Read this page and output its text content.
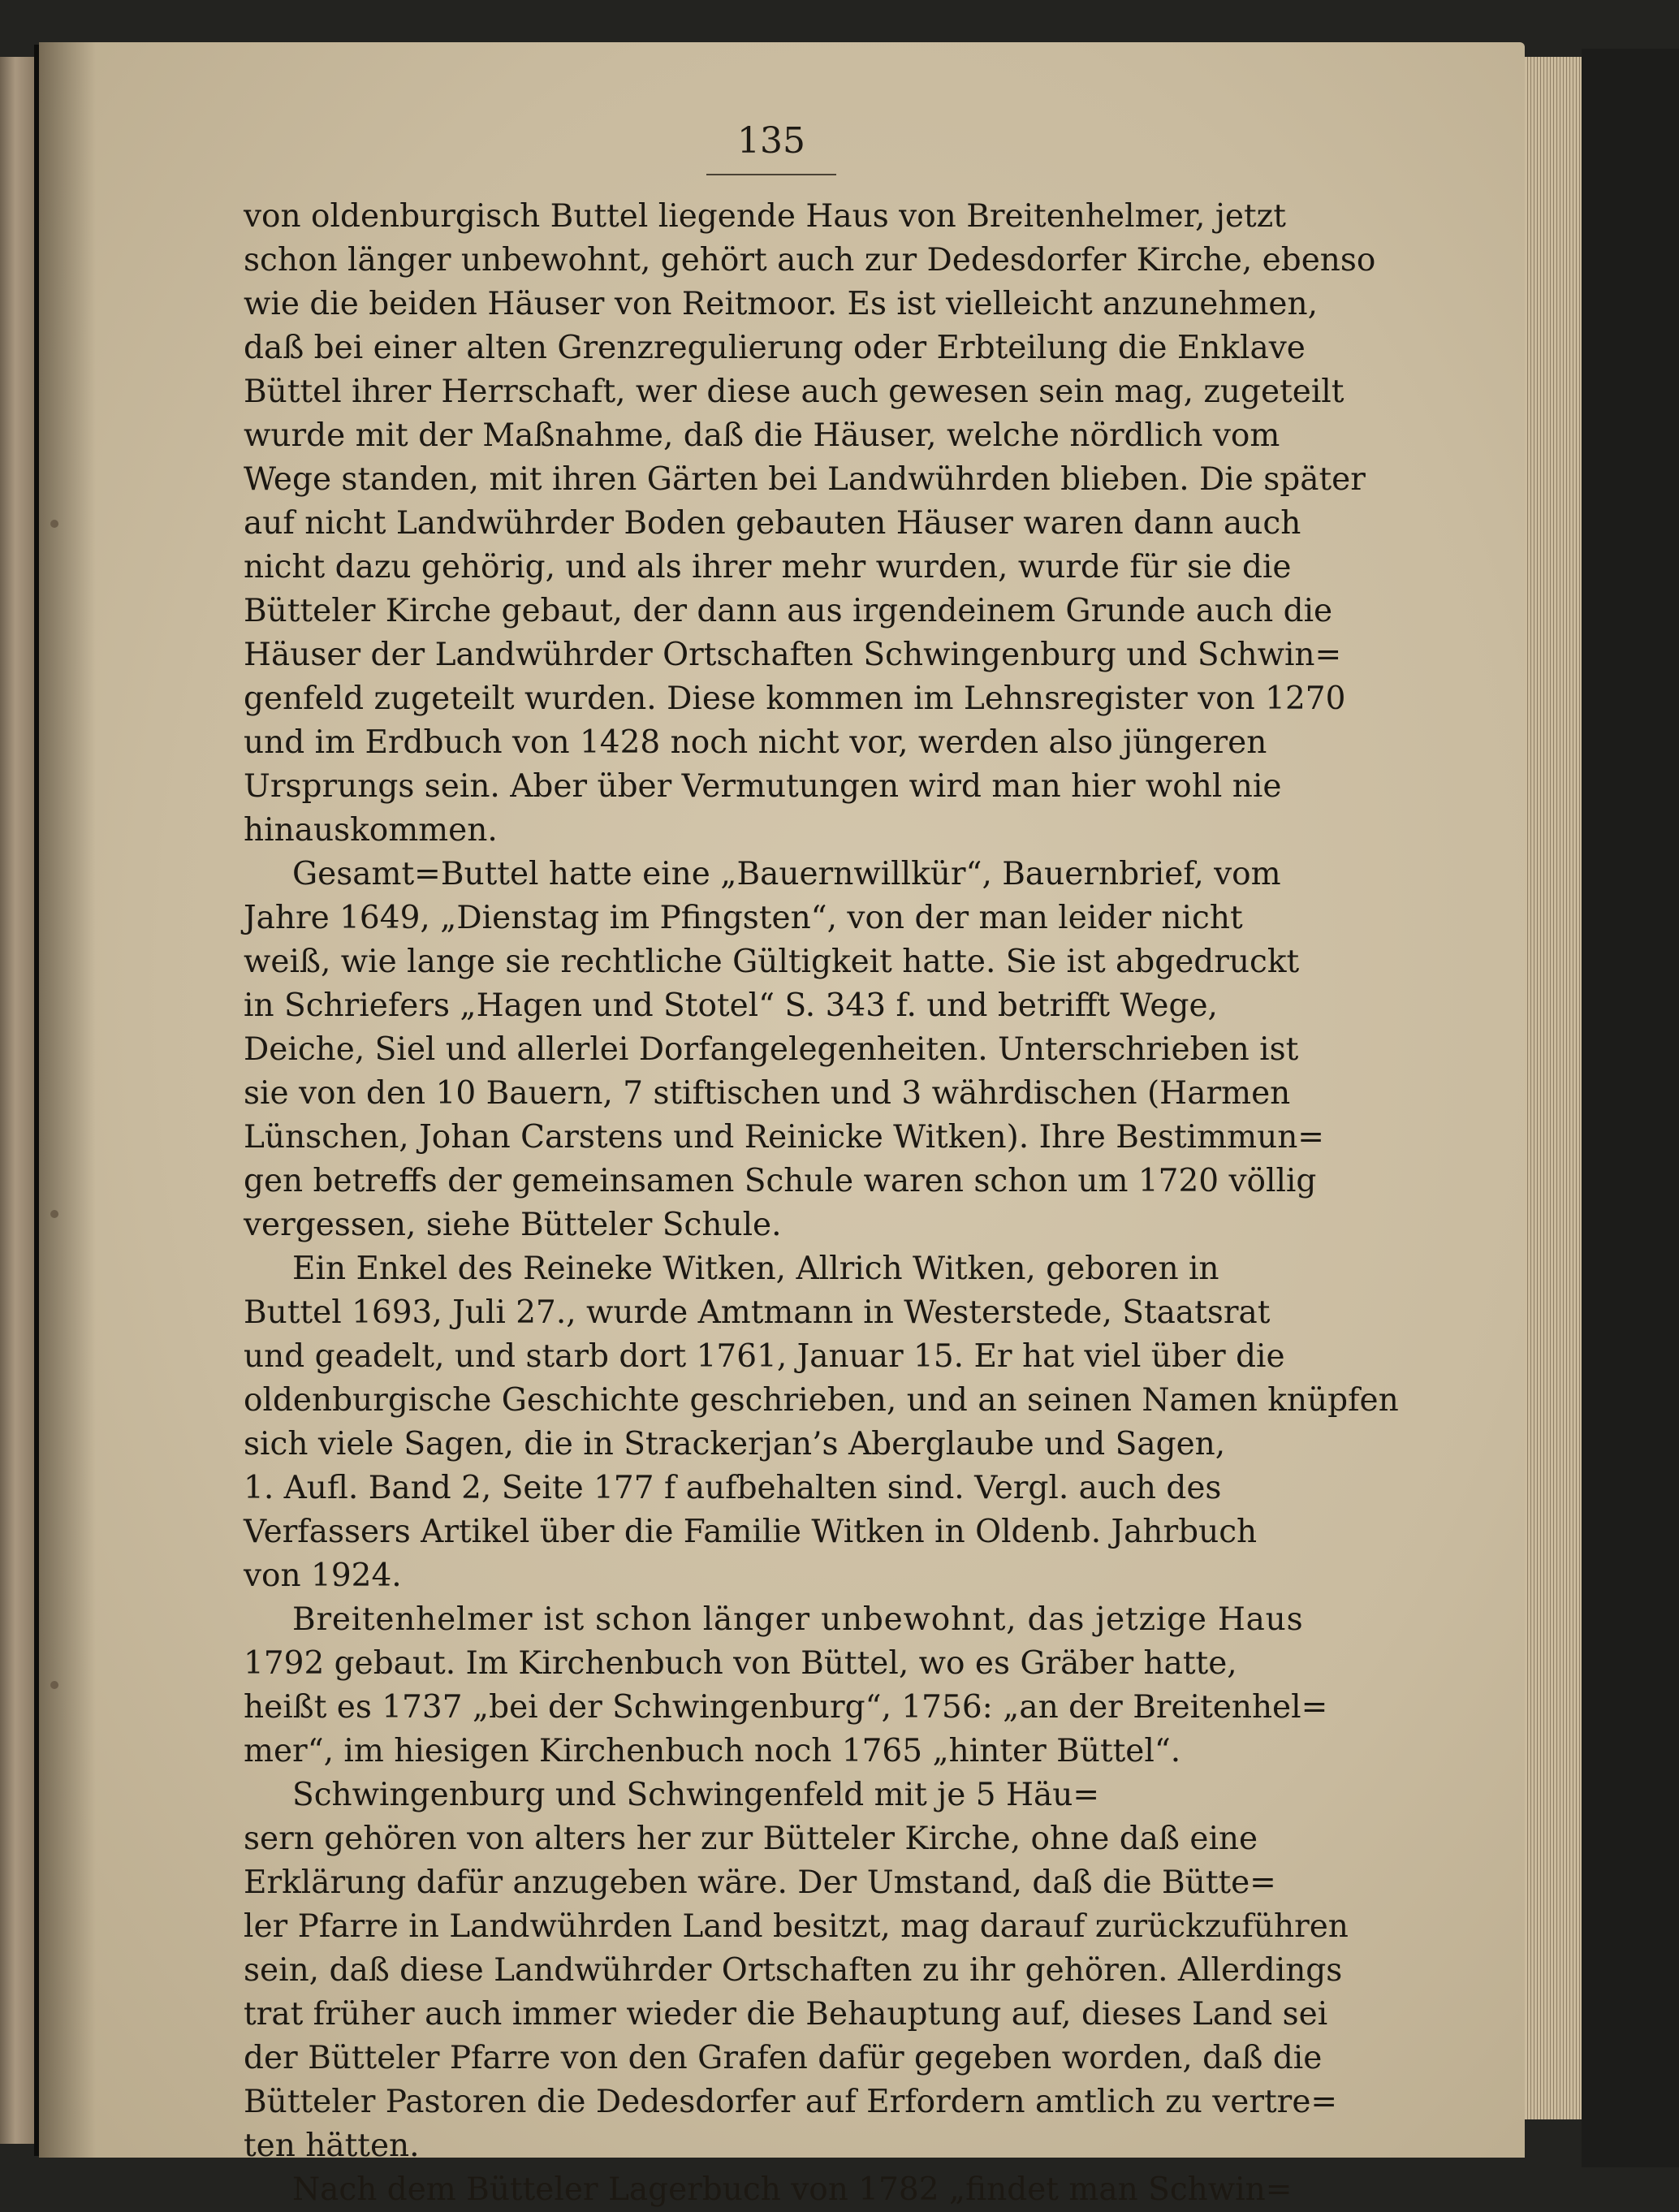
135
von oldenburgisch Buttel liegende Haus von Breitenhelmer, jetzt
schon länger unbewohnt, gehört auch zur Dedesdorfer Kirche, ebenso
wie die beiden Häuser von Reitmoor. Es ist vielleicht anzunehmen,
daß bei einer alten Grenzregulierung oder Erbteilung die Enklave
Büttel ihrer Herrschaft, wer diese auch gewesen sein mag, zugeteilt
wurde mit der Maßnahme, daß die Häuser, welche nördlich vom
Wege standen, mit ihren Gärten bei Landwührden blieben. Die später
auf nicht Landwührder Boden gebauten Häuser waren dann auch
nicht dazu gehörig, und als ihrer mehr wurden, wurde für sie die
Bütteler Kirche gebaut, der dann aus irgendeinem Grunde auch die
Häuser der Landwührder Ortschaften Schwingenburg und Schwin=
genfeld zugeteilt wurden. Diese kommen im Lehnsregister von 1270
und im Erdbuch von 1428 noch nicht vor, werden also jüngeren
Ursprungs sein. Aber über Vermutungen wird man hier wohl nie
hinauskommen.
Gesamt=Buttel hatte eine „Bauernwillkür“, Bauernbrief, vom
Jahre 1649, „Dienstag im Pfingsten“, von der man leider nicht
weiß, wie lange sie rechtliche Gültigkeit hatte. Sie ist abgedruckt
in Schriefers „Hagen und Stotel“ S. 343 f. und betrifft Wege,
Deiche, Siel und allerlei Dorfangelegenheiten. Unterschrieben ist
sie von den 10 Bauern, 7 stiftischen und 3 währdischen (Harmen
Lünschen, Johan Carstens und Reinicke Witken). Ihre Bestimmun=
gen betreffs der gemeinsamen Schule waren schon um 1720 völlig
vergessen, siehe Bütteler Schule.
Ein Enkel des Reineke Witken, Allrich Witken, geboren in
Buttel 1693, Juli 27., wurde Amtmann in Westerstede, Staatsrat
und geadelt, und starb dort 1761, Januar 15. Er hat viel über die
oldenburgische Geschichte geschrieben, und an seinen Namen knüpfen
sich viele Sagen, die in Strackerjan’s Aberglaube und Sagen,
1. Aufl. Band 2, Seite 177 f aufbehalten sind. Vergl. auch des
Verfassers Artikel über die Familie Witken in Oldenb. Jahrbuch
von 1924.
Breitenhelmer ist schon länger unbewohnt, das jetzige Haus
1792 gebaut. Im Kirchenbuch von Büttel, wo es Gräber hatte,
heißt es 1737 „bei der Schwingenburg“, 1756: „an der Breitenhel=
mer“, im hiesigen Kirchenbuch noch 1765 „hinter Büttel“.
Schwingenburg und Schwingenfeld mit je 5 Häu=
sern gehören von alters her zur Bütteler Kirche, ohne daß eine
Erklärung dafür anzugeben wäre. Der Umstand, daß die Bütte=
ler Pfarre in Landwührden Land besitzt, mag darauf zurückzuführen
sein, daß diese Landwührder Ortschaften zu ihr gehören. Allerdings
trat früher auch immer wieder die Behauptung auf, dieses Land sei
der Bütteler Pfarre von den Grafen dafür gegeben worden, daß die
Bütteler Pastoren die Dedesdorfer auf Erfordern amtlich zu vertre=
ten hätten.
Nach dem Bütteler Lagerbuch von 1782 „findet man Schwin=
